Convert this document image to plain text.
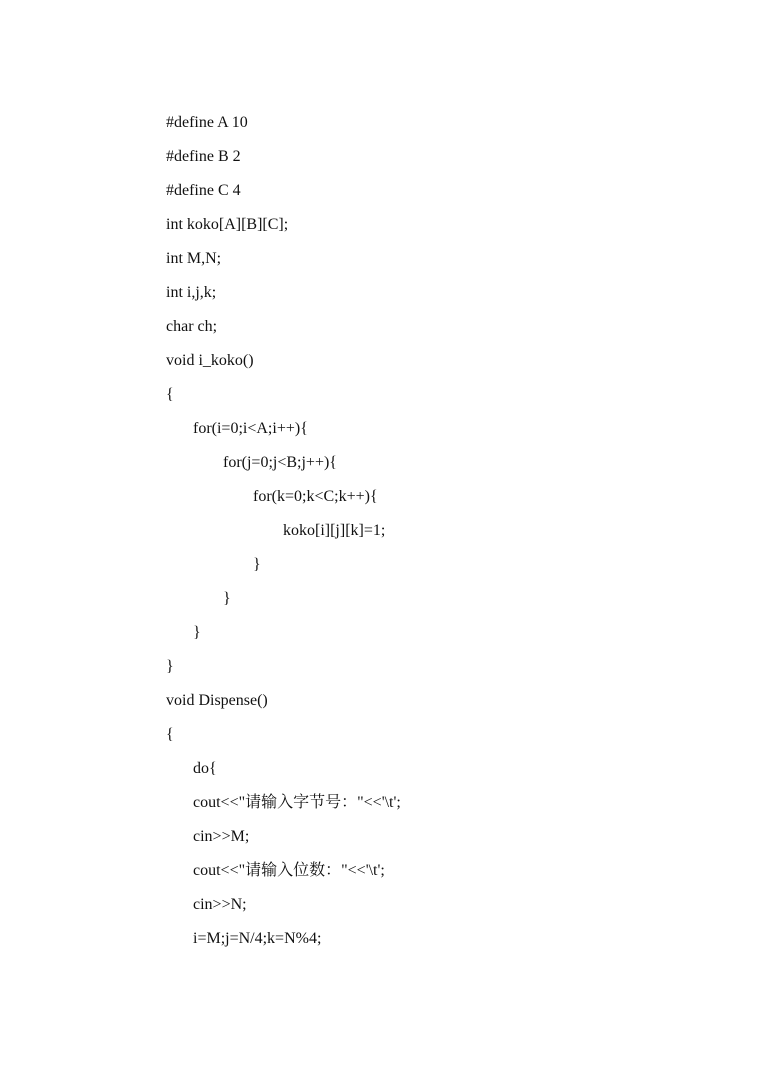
#define A 10
#define B 2
#define C 4
int koko[A][B][C];
int M,N;
int i,j,k;
char ch;
void i_koko()
{
for(i=0;i<A;i++){
for(j=0;j<B;j++){
for(k=0;k<C;k++){
koko[i][j][k]=1;
}
}
}
}
void Dispense()
{
do{
cout<<"请输入字节号："<<'\t';
cin>>M;
cout<<"请输入位数："<<'\t';
cin>>N;
i=M;j=N/4;k=N%4;
